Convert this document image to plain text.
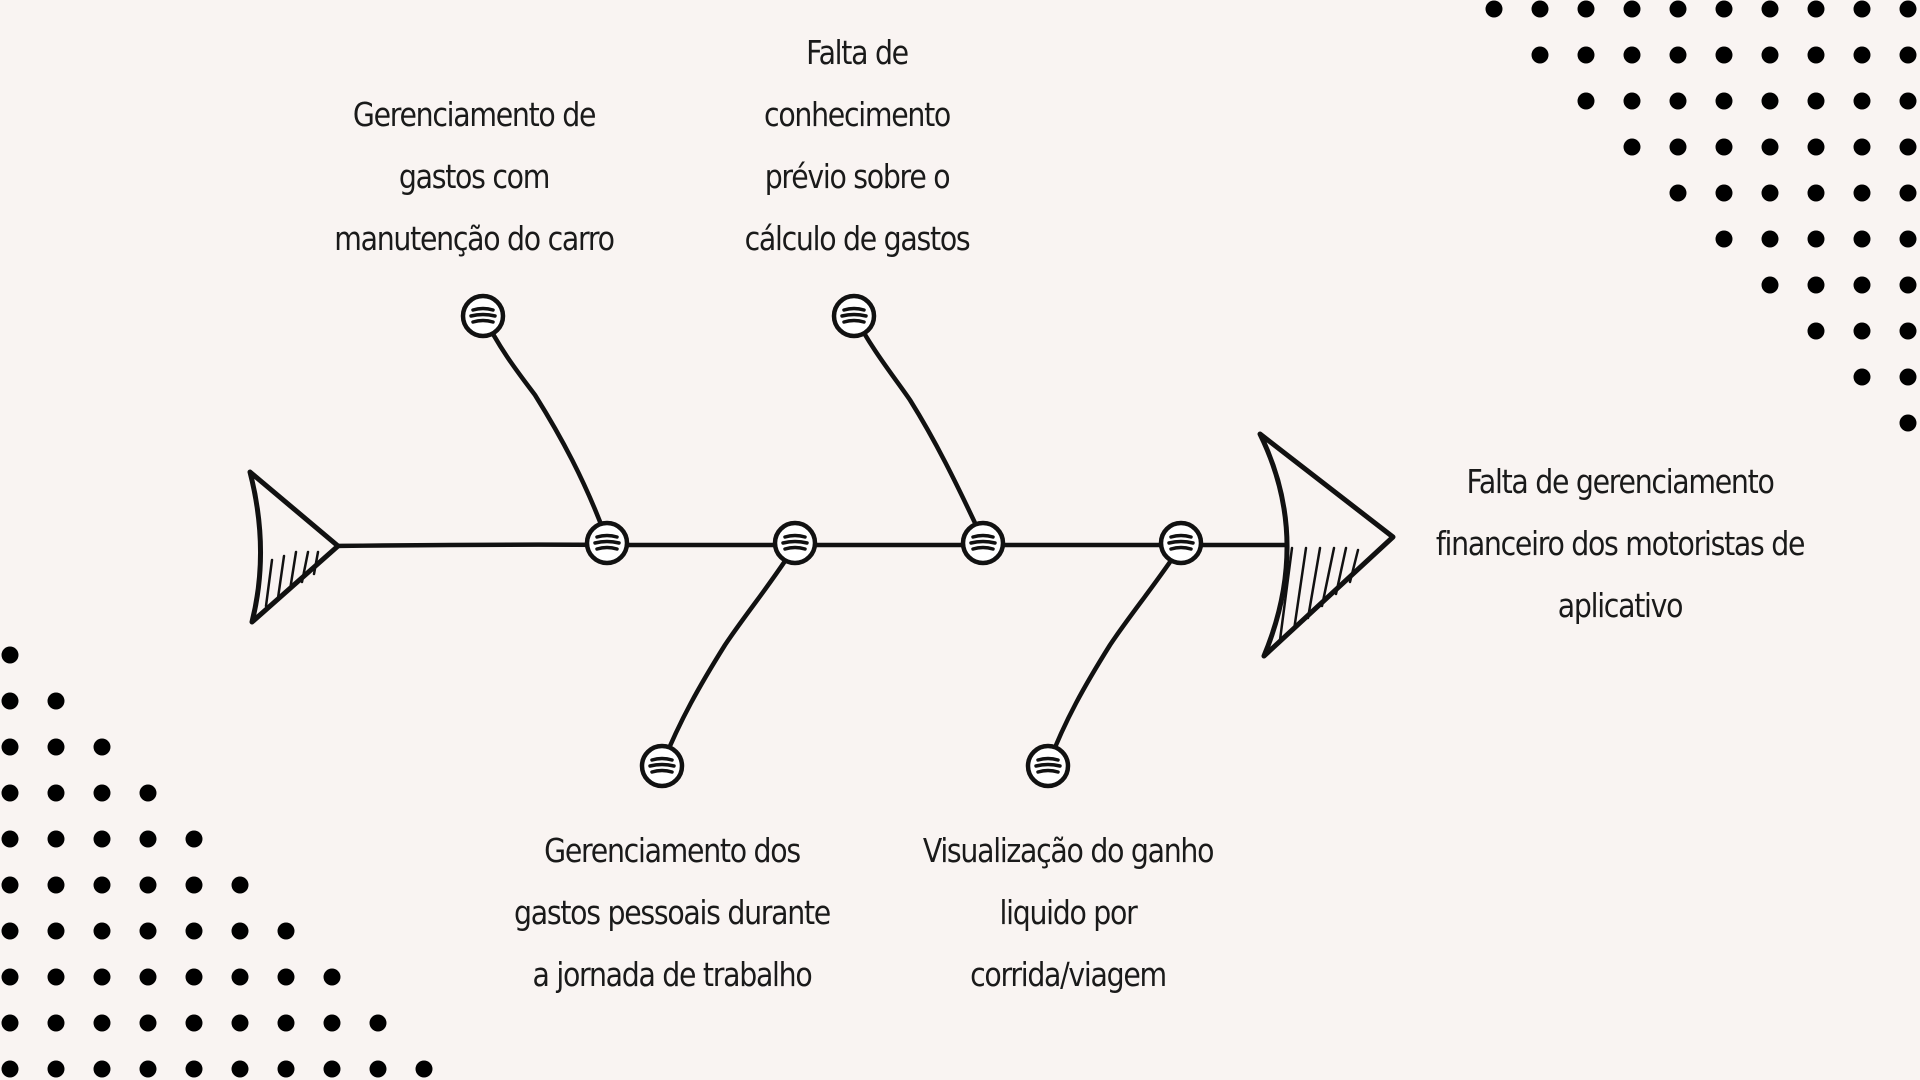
Gerenciamento de
gastos com
manutenção do carro
Falta de
conhecimento
prévio sobre o
cálculo de gastos
Gerenciamento dos
gastos pessoais durante
a jornada de trabalho
Visualização do ganho
liquido por
corrida/viagem
Falta de gerenciamento
financeiro dos motoristas de
aplicativo
